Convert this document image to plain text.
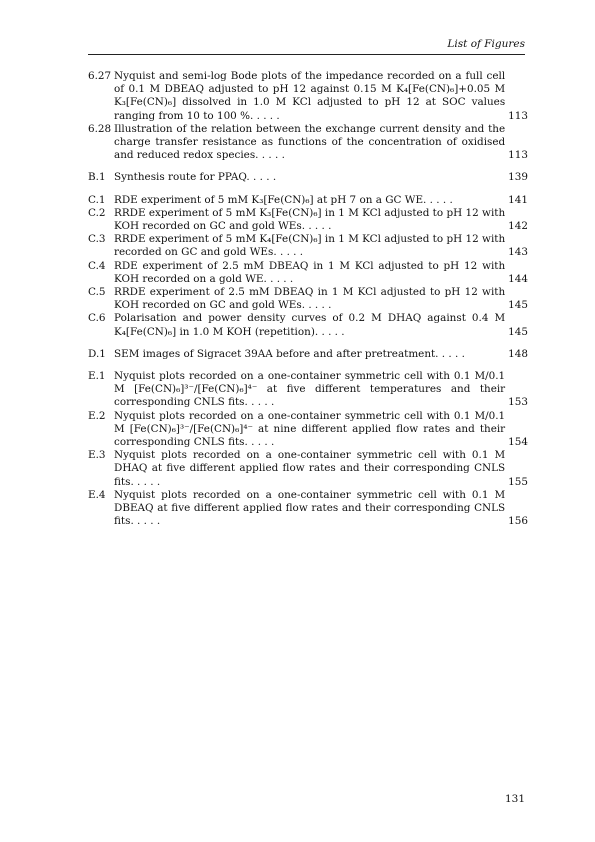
List of Figures
6.27 Nyquist and semi-log Bode plots of the impedance recorded on a full cell of 0.1 M DBEAQ adjusted to pH 12 against 0.15 M K₄[Fe(CN)₆]+0.05 M K₃[Fe(CN)₆] dissolved in 1.0 M KCl adjusted to pH 12 at SOC values ranging from 10 to 100 %. . . . .	113
6.28 Illustration of the relation between the exchange current density and the charge transfer resistance as functions of the concentration of oxidised and reduced redox species. . . . .	113
B.1 Synthesis route for PPAQ. . . . .	139
C.1 RDE experiment of 5 mM K₃[Fe(CN)₆] at pH 7 on a GC WE. . . . .	141
C.2 RRDE experiment of 5 mM K₃[Fe(CN)₆] in 1 M KCl adjusted to pH 12 with KOH recorded on GC and gold WEs. . . . .	142
C.3 RRDE experiment of 5 mM K₄[Fe(CN)₆] in 1 M KCl adjusted to pH 12 with recorded on GC and gold WEs. . . . .	143
C.4 RDE experiment of 2.5 mM DBEAQ in 1 M KCl adjusted to pH 12 with KOH recorded on a gold WE. . . . .	144
C.5 RRDE experiment of 2.5 mM DBEAQ in 1 M KCl adjusted to pH 12 with KOH recorded on GC and gold WEs. . . . .	145
C.6 Polarisation and power density curves of 0.2 M DHAQ against 0.4 M K₄[Fe(CN)₆] in 1.0 M KOH (repetition). . . . .	145
D.1 SEM images of Sigracet 39AA before and after pretreatment. . . . .	148
E.1 Nyquist plots recorded on a one-container symmetric cell with 0.1 M/0.1 M [Fe(CN)₆]³⁻/[Fe(CN)₆]⁴⁻ at five different temperatures and their corresponding CNLS fits. . . . .	153
E.2 Nyquist plots recorded on a one-container symmetric cell with 0.1 M/0.1 M [Fe(CN)₆]³⁻/[Fe(CN)₆]⁴⁻ at nine different applied flow rates and their corresponding CNLS fits. . . . .	154
E.3 Nyquist plots recorded on a one-container symmetric cell with 0.1 M DHAQ at five different applied flow rates and their corresponding CNLS fits. . . . .	155
E.4 Nyquist plots recorded on a one-container symmetric cell with 0.1 M DBEAQ at five different applied flow rates and their corresponding CNLS fits. . . . .	156
131
